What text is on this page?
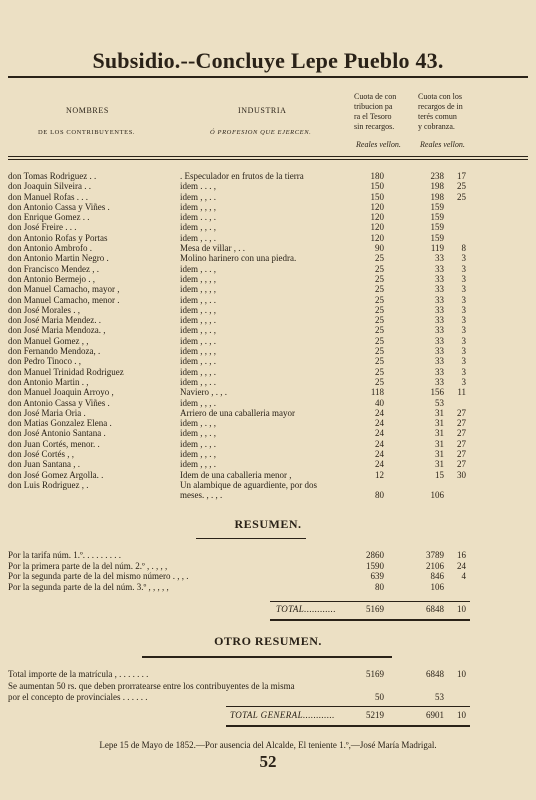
Subsidio.--Concluye Lepe Pueblo 43.
NOMBRES
DE LOS CONTRIBUYENTES.
INDUSTRIA
Ó PROFESION QUE EJERCEN.
Cuota de con
tribucion pa
ra el Tesoro
sin recargos.
Cuota con los
recargos de in
terés comun
y cobranza.
Reales vellon. Reales vellon.
don Tomas Rodriguez . .	. Especulador en frutos de la tierra	180	238	17
don Joaquin Silveira . .	idem . . . ,	150	198	25
don Manuel Rofas . . .	idem , , . .	150	198	25
don Antonio Cassa y Viñes .	idem , , , ,	120	159
don Enrique Gomez . .	idem . . , .	120	159
don José Freire . . .	idem , , . ,	120	159
don Antonio Rofas y Portas	idem , . , .	120	159
don Antonio Ambrofo .	Mesa de villar , . .	90	119	8
don Antonio Martin Negro .	Molino harinero con una piedra.	25	33	3
don Francisco Mendez , .	idem , . . ,	25	33	3
don Antonio Bermejo . ,	idem , , , ,	25	33	3
don Manuel Camacho, mayor ,	idem , , , ,	25	33	3
don Manuel Camacho, menor .	idem , , . .	25	33	3
don José Morales . ,	idem , . , ,	25	33	3
don José Maria Mendez. .	idem , , , .	25	33	3
don José Maria Mendoza. ,	idem , , . ,	25	33	3
don Manuel Gomez , ,	idem , . , .	25	33	3
don Fernando Mendoza, .	idem , , , ,	25	33	3
don Pedro Tinoco . ,	idem , . , .	25	33	3
don Manuel Trinidad Rodriguez	idem , , , .	25	33	3
don Antonio Martin . ,	idem , , . .	25	33	3
don Manuel Joaquin Arroyo ,	Naviero , . , .	118	156	11
don Antonio Cassa y Viñes .	idem , , , .	40	53
don José Maria Oria .	Arriero de una caballeria mayor	24	31	27
don Matias Gonzalez Elena .	idem , . , ,	24	31	27
don José Antonio Santana .	idem , , . ,	24	31	27
don Juan Cortés, menor. .	idem , . , .	24	31	27
don José Cortés , ,	idem , , . ,	24	31	27
don Juan Santana , .	idem , , , .	24	31	27
don José Gomez Argolla. .	Idem de una caballeria menor ,	12	15	30
don Luis Rodriguez , .	Un alambique de aguardiente, por dos
meses. , . , .	80	106
RESUMEN.
Por la tarifa núm. 1.º. . . . . . . . .	2860	3789	16
Por la primera parte de la del núm. 2.º , . , , ,	1590	2106	24
Por la segunda parte de la del mismo número . , , .	639	846	4
Por la segunda parte de la del núm. 3.º , , , , ,	80	106
TOTAL............	5169	6848	10
OTRO RESUMEN.
Total importe de la matrícula , . . . . . . .	5169	6848	10
Se aumentan 50 rs. que deben prorratearse entre los contribuyentes de la misma
por el concepto de provinciales . . . . . .	50	53
TOTAL GENERAL............	5219	6901	10
Lepe 15 de Mayo de 1852.—Por ausencia del Alcalde, El teniente 1.º,—José María Madrigal.
52
